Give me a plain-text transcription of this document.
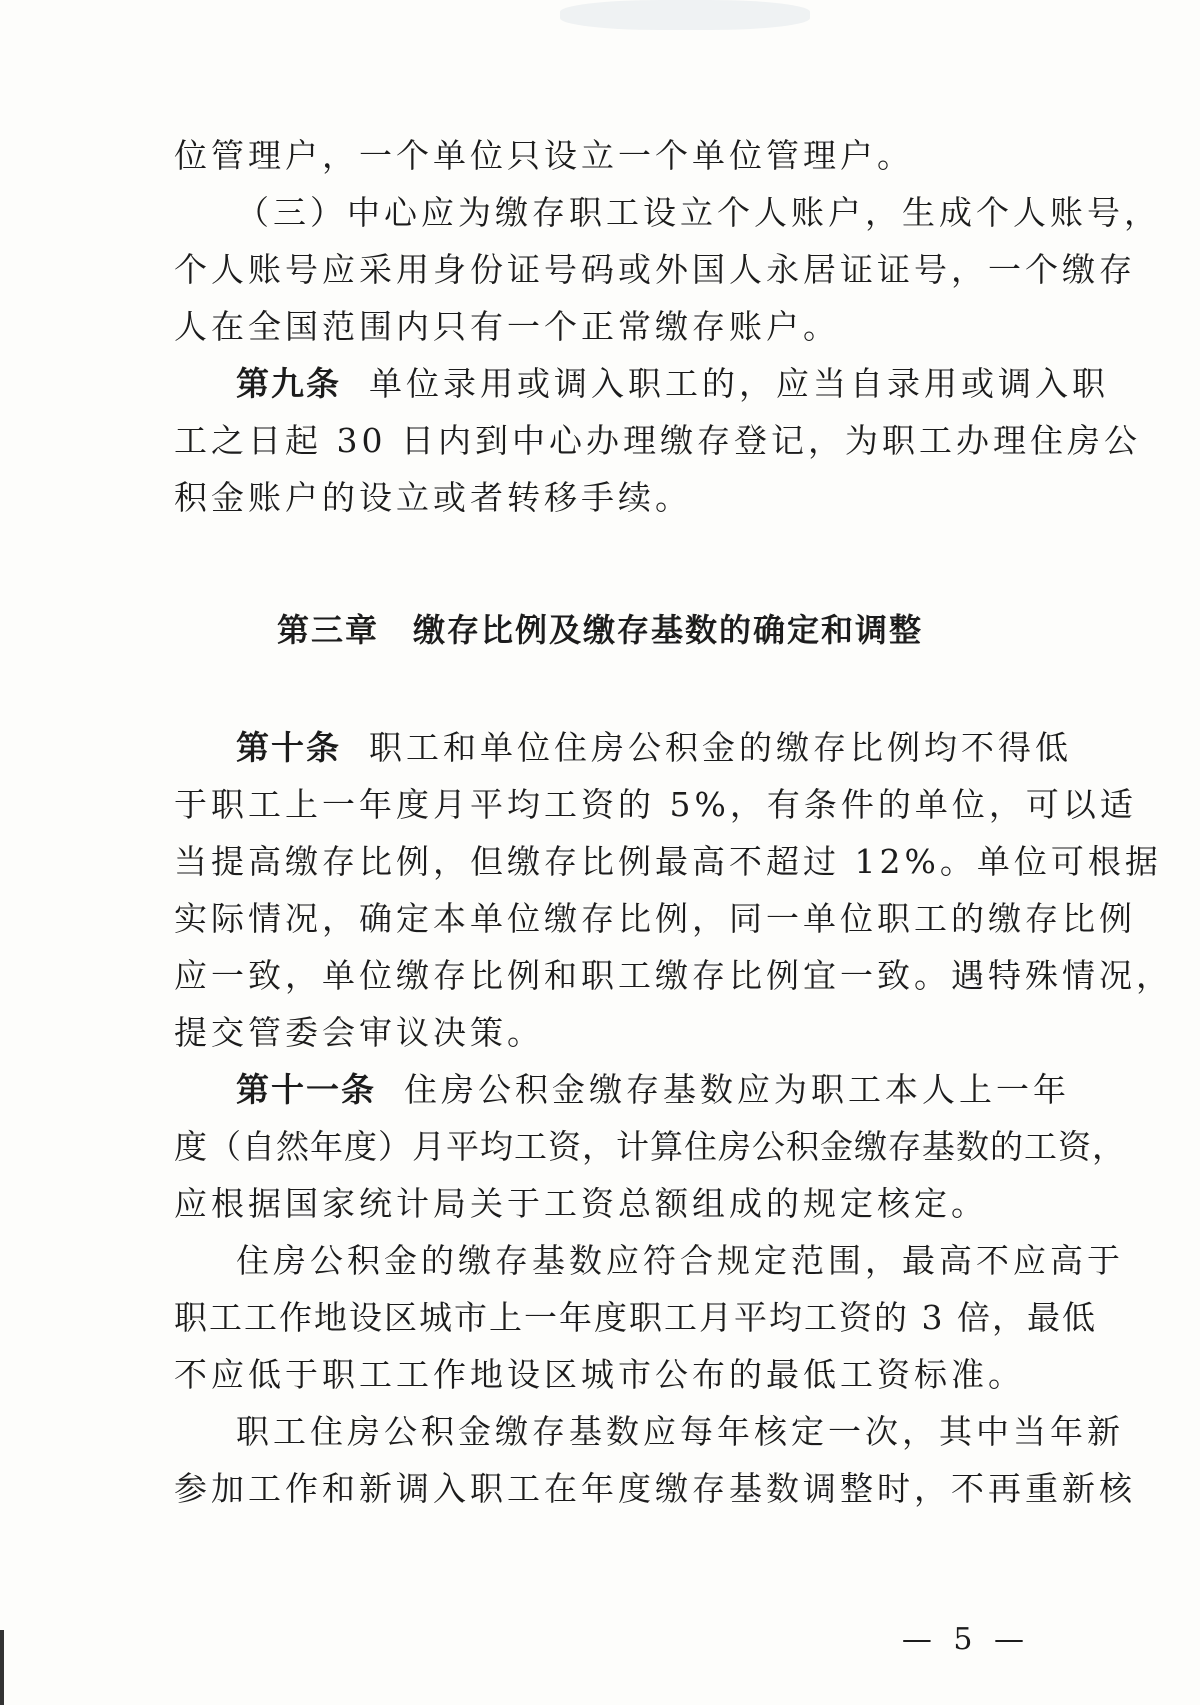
位管理户，一个单位只设立一个单位管理户。
（三）中心应为缴存职工设立个人账户，生成个人账号，
个人账号应采用身份证号码或外国人永居证证号，一个缴存
人在全国范围内只有一个正常缴存账户。
第九条 单位录用或调入职工的，应当自录用或调入职
工之日起 30 日内到中心办理缴存登记，为职工办理住房公
积金账户的设立或者转移手续。
第三章 缴存比例及缴存基数的确定和调整
第十条 职工和单位住房公积金的缴存比例均不得低
于职工上一年度月平均工资的 5%，有条件的单位，可以适
当提高缴存比例，但缴存比例最高不超过 12%。单位可根据
实际情况，确定本单位缴存比例，同一单位职工的缴存比例
应一致，单位缴存比例和职工缴存比例宜一致。遇特殊情况，
提交管委会审议决策。
第十一条 住房公积金缴存基数应为职工本人上一年
度（自然年度）月平均工资，计算住房公积金缴存基数的工资，
应根据国家统计局关于工资总额组成的规定核定。
住房公积金的缴存基数应符合规定范围，最高不应高于
职工工作地设区城市上一年度职工月平均工资的 3 倍，最低
不应低于职工工作地设区城市公布的最低工资标准。
职工住房公积金缴存基数应每年核定一次，其中当年新
参加工作和新调入职工在年度缴存基数调整时，不再重新核
— 5 —
